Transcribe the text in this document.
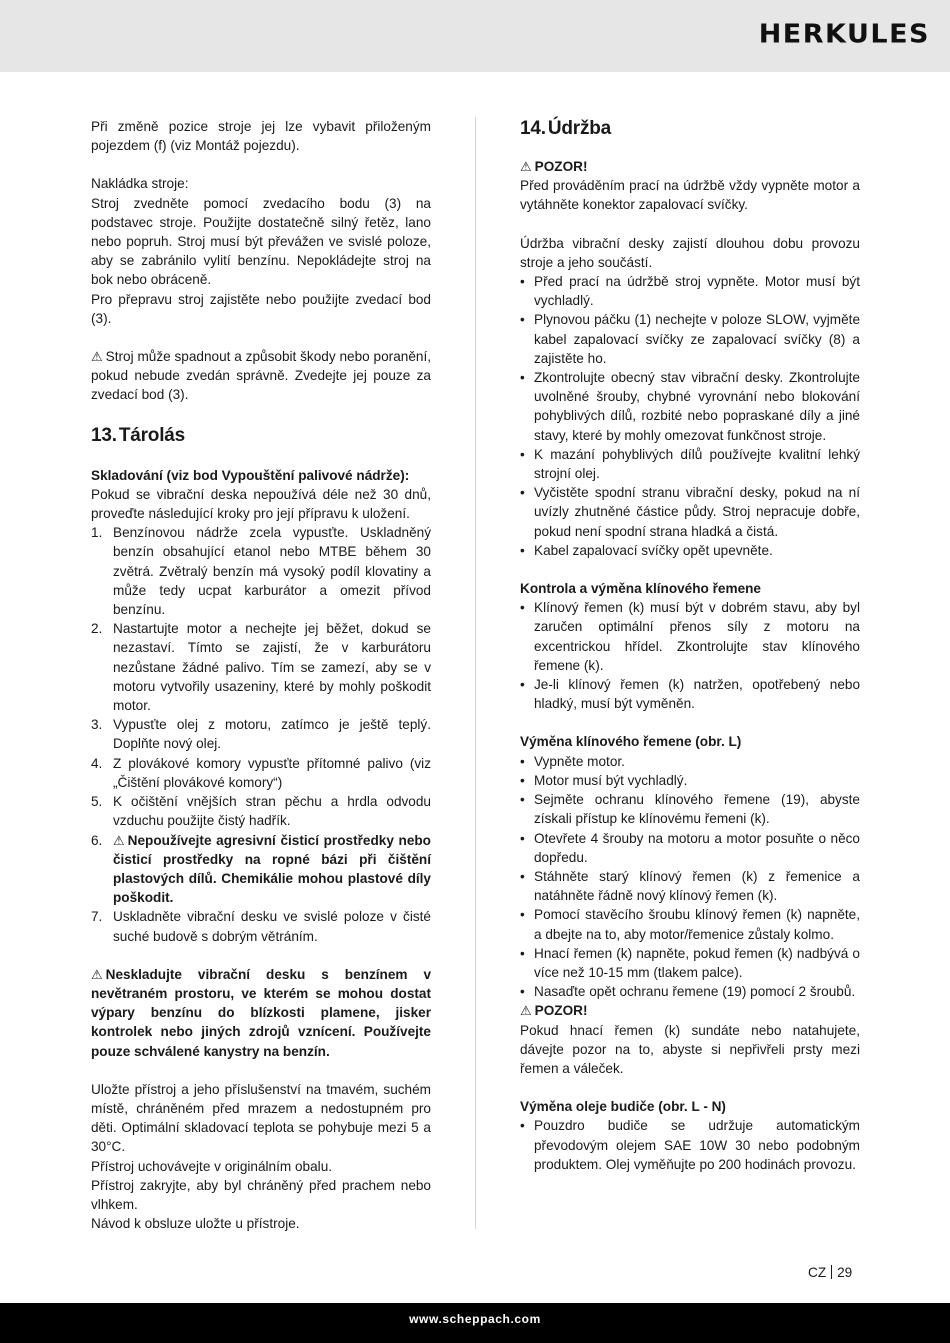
HERKULES

Při změně pozice stroje jej lze vybavit přiloženým pojezdem (f) (viz Montáž pojezdu).

Nakládka stroje:

Stroj zvedněte pomocí zvedacího bodu (3) na podstavec stroje. Použijte dostatečně silný řetěz, lano nebo popruh. Stroj musí být převážen ve svislé poloze, aby se zabránilo vylití benzínu. Nepokládejte stroj na bok nebo obráceně.

Pro přepravu stroj zajistěte nebo použijte zvedací bod (3).

⚠ Stroj může spadnout a způsobit škody nebo poranění, pokud nebude zvedán správně. Zvedejte jej pouze za zvedací bod (3).

13. Tárolás

Skladování (viz bod Vypouštění palivové nádrže):

Pokud se vibrační deska nepoužívá déle než 30 dnů, proveďte následující kroky pro její přípravu k uložení.

1. Benzínovou nádrže zcela vypusťte. Uskladněný benzín obsahující etanol nebo MTBE během 30 zvětrá. Zvětralý benzín má vysoký podíl klovatiny a může tedy ucpat karburátor a omezit přívod benzínu.
2. Nastartujte motor a nechejte jej běžet, dokud se nezastaví. Tímto se zajistí, že v karburátoru nezůstane žádné palivo. Tím se zamezí, aby se v motoru vytvořily usazeniny, které by mohly poškodit motor.
3. Vypusťte olej z motoru, zatímco je ještě teplý. Doplňte nový olej.
4. Z plovákové komory vypusťte přítomné palivo (viz „Čištění plovákové komory“)
5. K očištění vnějších stran pěchu a hrdla odvodu vzduchu použijte čistý hadřík.
6. ⚠ Nepoužívejte agresivní čisticí prostředky nebo čisticí prostředky na ropné bázi při čištění plastových dílů. Chemikálie mohou plastové díly poškodit.
7. Uskladněte vibrační desku ve svislé poloze v čisté suché budově s dobrým větráním.

⚠ Neskladujte vibrační desku s benzínem v nevětraném prostoru, ve kterém se mohou dostat výpary benzínu do blízkosti plamene, jisker kontrolek nebo jiných zdrojů vznícení. Používejte pouze schválené kanystry na benzín.

Uložte přístroj a jeho příslušenství na tmavém, suchém místě, chráněném před mrazem a nedostupném pro děti. Optimální skladovací teplota se pohybuje mezi 5 a 30°C.

Přístroj uchovávejte v originálním obalu.

Přístroj zakryjte, aby byl chráněný před prachem nebo vlhkem.

Návod k obsluze uložte u přístroje.

14. Údržba

⚠ POZOR!

Před prováděním prací na údržbě vždy vypněte motor a vytáhněte konektor zapalovací svíčky.

Údržba vibrační desky zajistí dlouhou dobu provozu stroje a jeho součástí.

• Před prací na údržbě stroj vypněte. Motor musí být vychladlý.
• Plynovou páčku (1) nechejte v poloze SLOW, vyjměte kabel zapalovací svíčky ze zapalovací svíčky (8) a zajistěte ho.
• Zkontrolujte obecný stav vibrační desky. Zkontrolujte uvolněné šrouby, chybné vyrovnání nebo blokování pohyblivých dílů, rozbité nebo popraskané díly a jiné stavy, které by mohly omezovat funkčnost stroje.
• K mazání pohyblivých dílů používejte kvalitní lehký strojní olej.
• Vyčistěte spodní stranu vibrační desky, pokud na ní uvízly zhutněné částice půdy. Stroj nepracuje dobře, pokud není spodní strana hladká a čistá.
• Kabel zapalovací svíčky opět upevněte.

Kontrola a výměna klínového řemene

• Klínový řemen (k) musí být v dobrém stavu, aby byl zaručen optimální přenos síly z motoru na excentrickou hřídel. Zkontrolujte stav klínového řemene (k).
• Je-li klínový řemen (k) natržen, opotřebený nebo hladký, musí být vyměněn.

Výměna klínového řemene (obr. L)

• Vypněte motor.
• Motor musí být vychladlý.
• Sejměte ochranu klínového řemene (19), abyste získali přístup ke klínovému řemeni (k).
• Otevřete 4 šrouby na motoru a motor posuňte o něco dopředu.
• Stáhněte starý klínový řemen (k) z řemenice a natáhněte řádně nový klínový řemen (k).
• Pomocí stavěcího šroubu klínový řemen (k) napněte, a dbejte na to, aby motor/řemenice zůstaly kolmo.
• Hnací řemen (k) napněte, pokud řemen (k) nadbývá o více než 10-15 mm (tlakem palce).
• Nasaďte opět ochranu řemene (19) pomocí 2 šroubů.

⚠ POZOR!

Pokud hnací řemen (k) sundáte nebo natahujete, dávejte pozor na to, abyste si nepřivřeli prsty mezi řemen a váleček.

Výměna oleje budiče (obr. L - N)

• Pouzdro budiče se udržuje automatickým převodovým olejem SAE 10W 30 nebo podobným produktem. Olej vyměňujte po 200 hodinách provozu.
CZ 29
www.scheppach.com
